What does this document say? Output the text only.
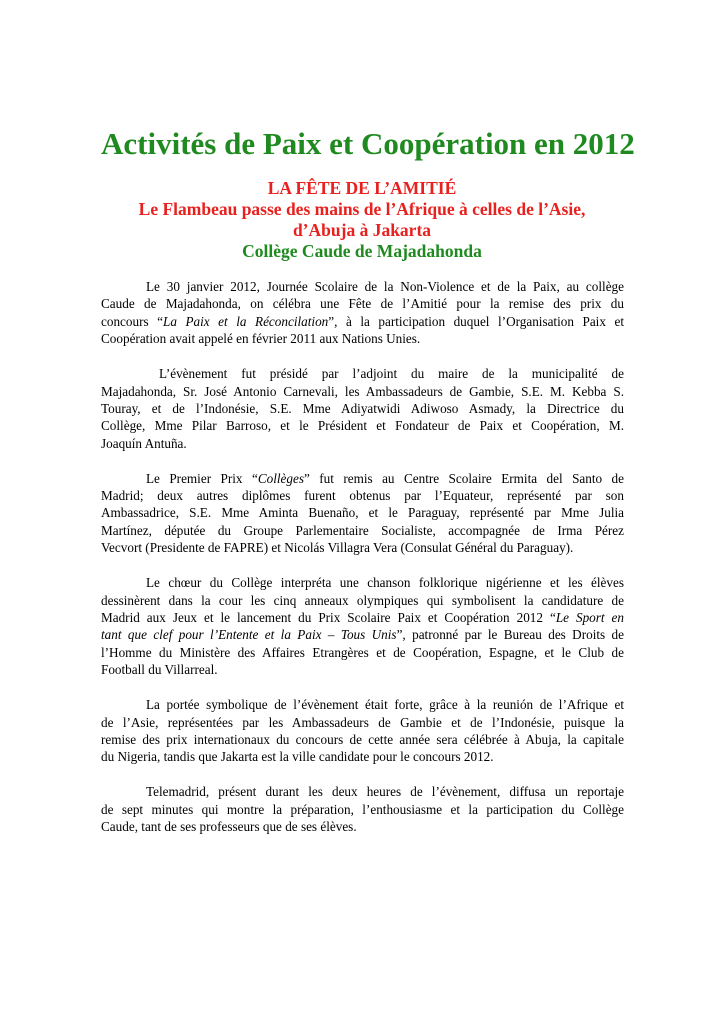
Activités de Paix et Coopération en 2012

LA FÊTE DE L’AMITIÉ

Le Flambeau passe des mains de l’Afrique à celles de l’Asie,

d’Abuja à Jakarta

Collège Caude de Majadahonda

Le 30 janvier 2012, Journée Scolaire de la Non-Violence et de la Paix, au collège
Caude de Majadahonda, on célébra une Fête de l’Amitié pour la remise des prix du
concours “La Paix et la Réconcilation”, à la participation duquel l’Organisation Paix et
Coopération avait appelé en février 2011 aux Nations Unies.

L’évènement fut présidé par l’adjoint du maire de la municipalité de
Majadahonda, Sr. José Antonio Carnevali, les Ambassadeurs de Gambie, S.E. M. Kebba S.
Touray, et de l’Indonésie, S.E. Mme Adiyatwidi Adiwoso Asmady, la Directrice du
Collège, Mme Pilar Barroso, et le Président et Fondateur de Paix et Coopération, M.
Joaquín Antuña.

Le Premier Prix “Collèges” fut remis au Centre Scolaire Ermita del Santo de
Madrid; deux autres diplômes furent obtenus par l’Equateur, représenté par son
Ambassadrice, S.E. Mme Aminta Buenaño, et le Paraguay, représenté par Mme Julia
Martínez, députée du Groupe Parlementaire Socialiste, accompagnée de Irma Pérez
Vecvort (Presidente de FAPRE) et Nicolás Villagra Vera (Consulat Général du Paraguay).

Le chœur du Collège interpréta une chanson folklorique nigérienne et les élèves
dessinèrent dans la cour les cinq anneaux olympiques qui symbolisent la candidature de
Madrid aux Jeux et le lancement du Prix Scolaire Paix et Coopération 2012 “Le Sport en
tant que clef pour l’Entente et la Paix – Tous Unis”, patronné par le Bureau des Droits de
l’Homme du Ministère des Affaires Etrangères et de Coopération, Espagne, et le Club de
Football du Villarreal.

La portée symbolique de l’évènement était forte, grâce à la reunión de l’Afrique et
de l’Asie, représentées par les Ambassadeurs de Gambie et de l’Indonésie, puisque la
remise des prix internationaux du concours de cette année sera célébrée à Abuja, la capitale
du Nigeria, tandis que Jakarta est la ville candidate pour le concours 2012.

Telemadrid, présent durant les deux heures de l’évènement, diffusa un reportaje
de sept minutes qui montre la préparation, l’enthousiasme et la participation du Collège
Caude, tant de ses professeurs que de ses élèves.
